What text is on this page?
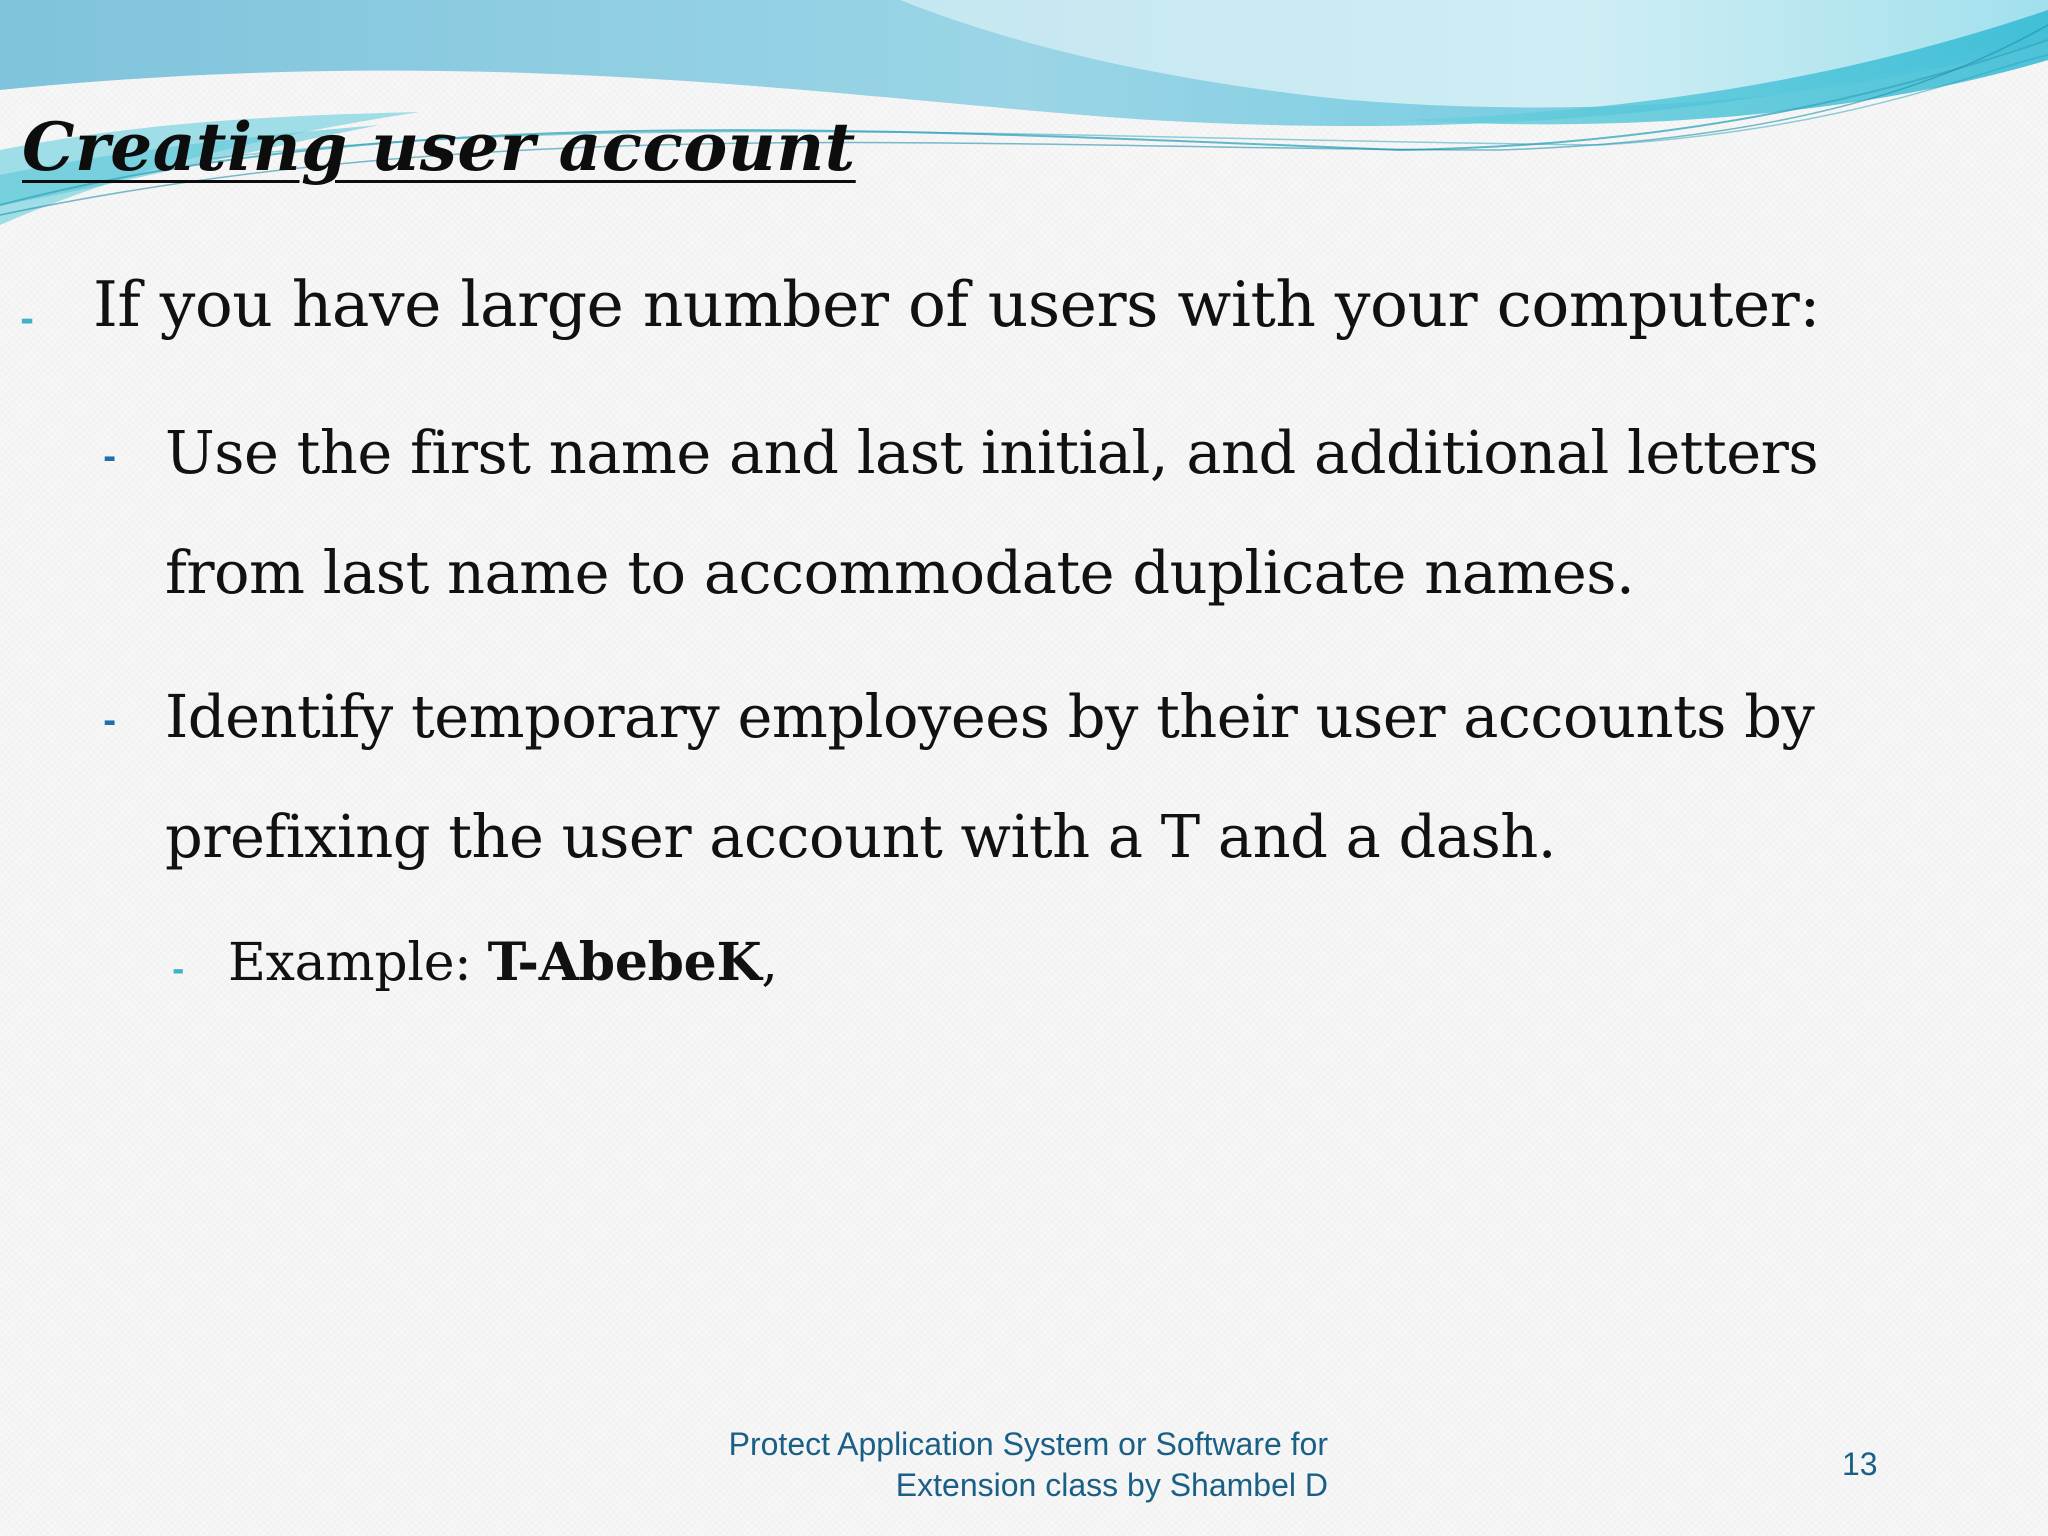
Creating user account
- If you have large number of users with your computer:
- Use the first name and last initial, and additional letters
from last name to accommodate duplicate names.
- Identify temporary employees by their user accounts by
prefixing the user account with a T and a dash.
- Example: T-AbebeK,
Protect Application System or Software for
Extension class by Shambel D
13
